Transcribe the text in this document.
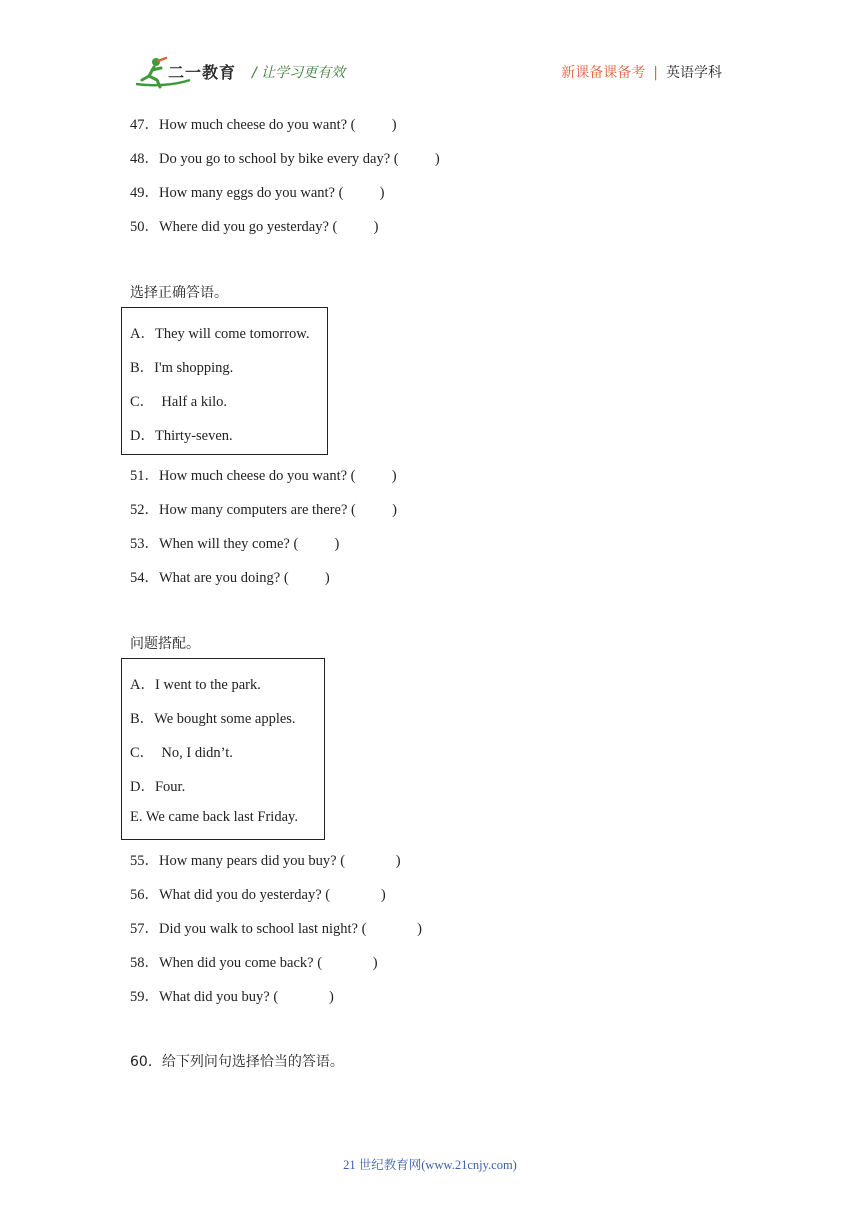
二一教育 / 让学习更有效	新课备课备考 | 英语学科
47．How much cheese do you want? (          )
48．Do you go to school by bike every day? (          )
49．How many eggs do you want? (          )
50．Where did you go yesterday? (          )
选择正确答语。
A．They will come tomorrow.
B．I'm shopping.
C．  Half a kilo.
D．Thirty-seven.
51．How much cheese do you want? (          )
52．How many computers are there? (          )
53．When will they come? (          )
54．What are you doing? (          )
问题搭配。
A．I went to the park.
B．We bought some apples.
C．  No, I didn’t.
D．Four.
E. We came back last Friday.
55．How many pears did you buy? (              )
56．What did you do yesterday? (              )
57．Did you walk to school last night? (              )
58．When did you come back? (              )
59．What did you buy? (              )
60．给下列问句选择恰当的答语。
21 世纪教育网(www.21cnjy.com)
